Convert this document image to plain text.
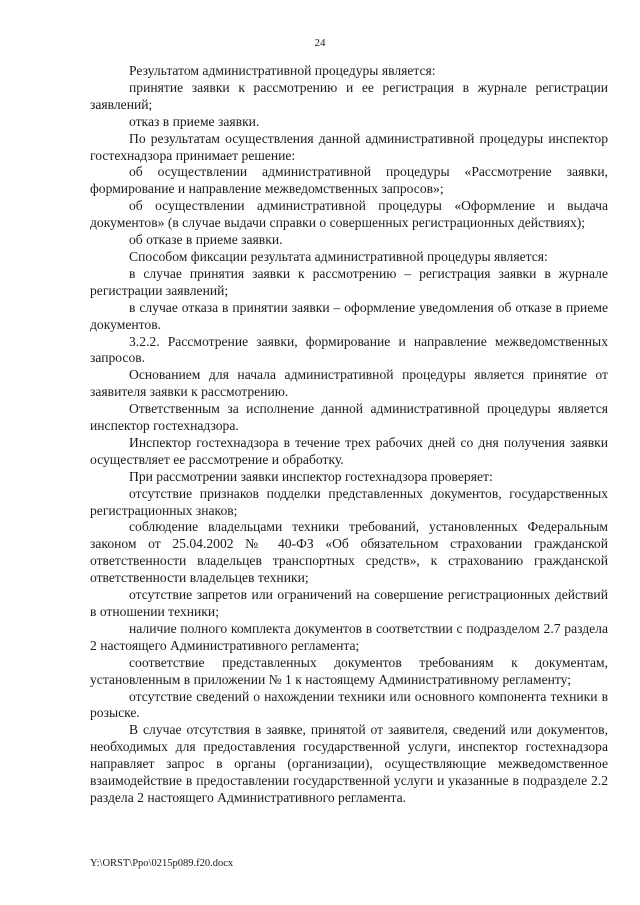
24

Результатом административной процедуры является:

принятие заявки к рассмотрению и ее регистрация в журнале регистрации заявлений;

отказ в приеме заявки.

По результатам осуществления данной административной процедуры инспектор гостехнадзора принимает решение:

об осуществлении административной процедуры «Рассмотрение заявки, формирование и направление межведомственных запросов»;

об осуществлении административной процедуры «Оформление и выдача документов» (в случае выдачи справки о совершенных регистрационных действиях);

об отказе в приеме заявки.

Способом фиксации результата административной процедуры является:

в случае принятия заявки к рассмотрению – регистрация заявки в журнале регистрации заявлений;

в случае отказа в принятии заявки – оформление уведомления об отказе в приеме документов.

3.2.2. Рассмотрение заявки, формирование и направление межведомственных запросов.

Основанием для начала административной процедуры является принятие от заявителя заявки к рассмотрению.

Ответственным за исполнение данной административной процедуры является инспектор гостехнадзора.

Инспектор гостехнадзора в течение трех рабочих дней со дня получения заявки осуществляет ее рассмотрение и обработку.

При рассмотрении заявки инспектор гостехнадзора проверяет:

отсутствие признаков подделки представленных документов, государственных регистрационных знаков;

соблюдение владельцами техники требований, установленных Федеральным законом от 25.04.2002 № 40-ФЗ «Об обязательном страховании гражданской ответственности владельцев транспортных средств», к страхованию гражданской ответственности владельцев техники;

отсутствие запретов или ограничений на совершение регистрационных действий в отношении техники;

наличие полного комплекта документов в соответствии с подразделом 2.7 раздела 2 настоящего Административного регламента;

соответствие представленных документов требованиям к документам, установленным в приложении № 1 к настоящему Административному регламенту;

отсутствие сведений о нахождении техники или основного компонента техники в розыске.

В случае отсутствия в заявке, принятой от заявителя, сведений или документов, необходимых для предоставления государственной услуги, инспектор гостехнадзора направляет запрос в органы (организации), осуществляющие межведомственное взаимодействие в предоставлении государственной услуги и указанные в подразделе 2.2 раздела 2 настоящего Административного регламента.

Y:\ORST\Ppo\0215p089.f20.docx
